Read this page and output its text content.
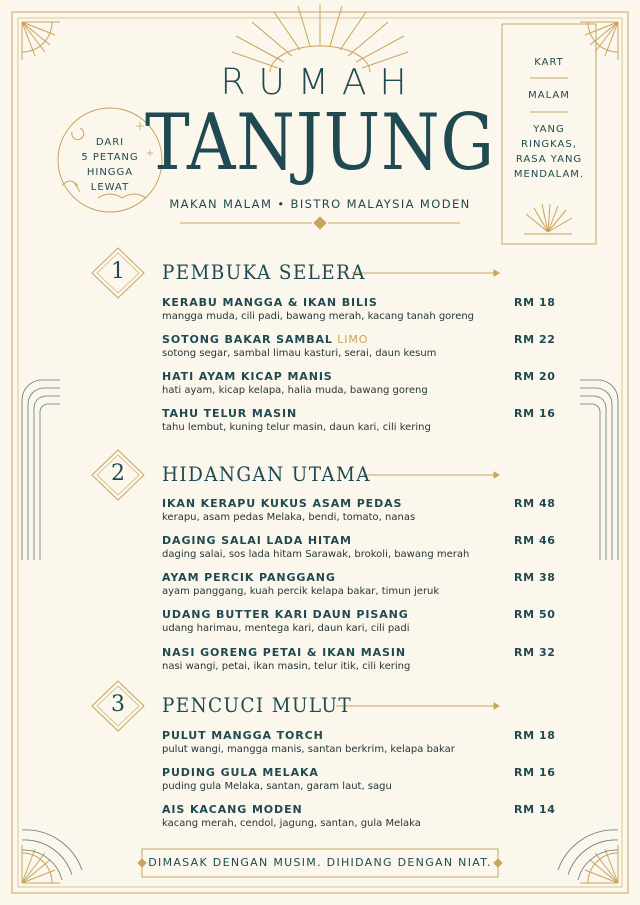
RUMAH
TANJUNG
MAKAN MALAM • BISTRO MALAYSIA MODEN
DARI
5 PETANG
HINGGA
LEWAT
KART
MALAM
YANG
RINGKAS,
RASA YANG
MENDALAM.
1	PEMBUKA SELERA
KERABU MANGGA & IKAN BILIS
mangga muda, cili padi, bawang merah, kacang tanah goreng
RM 18
SOTONG BAKAR SAMBAL LIMO
sotong segar, sambal limau kasturi, serai, daun kesum
RM 22
HATI AYAM KICAP MANIS
hati ayam, kicap kelapa, halia muda, bawang goreng
RM 20
TAHU TELUR MASIN
tahu lembut, kuning telur masin, daun kari, cili kering
RM 16
2	HIDANGAN UTAMA
IKAN KERAPU KUKUS ASAM PEDAS
kerapu, asam pedas Melaka, bendi, tomato, nanas
RM 48
DAGING SALAI LADA HITAM
daging salai, sos lada hitam Sarawak, brokoli, bawang merah
RM 46
AYAM PERCIK PANGGANG
ayam panggang, kuah percik kelapa bakar, timun jeruk
RM 38
UDANG BUTTER KARI DAUN PISANG
udang harimau, mentega kari, daun kari, cili padi
RM 50
NASI GORENG PETAI & IKAN MASIN
nasi wangi, petai, ikan masin, telur itik, cili kering
RM 32
3	PENCUCI MULUT
PULUT MANGGA TORCH
pulut wangi, mangga manis, santan berkrim, kelapa bakar
RM 18
PUDING GULA MELAKA
puding gula Melaka, santan, garam laut, sagu
RM 16
AIS KACANG MODEN
kacang merah, cendol, jagung, santan, gula Melaka
RM 14
DIMASAK DENGAN MUSIM. DIHIDANG DENGAN NIAT.
